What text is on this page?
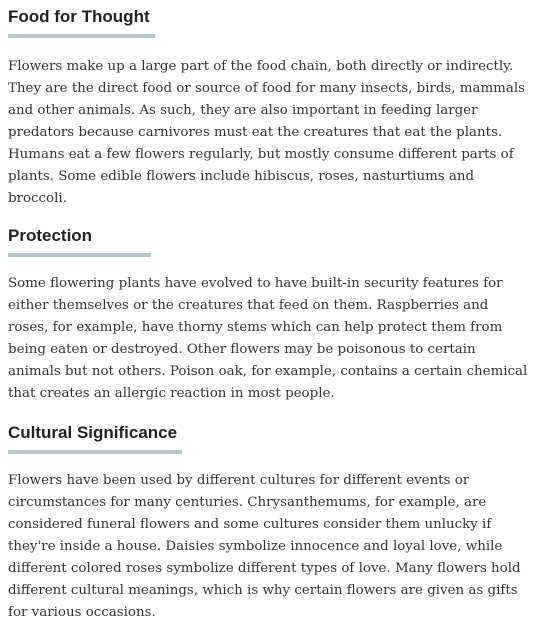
Food for Thought

Flowers make up a large part of the food chain, both directly or indirectly. They are the direct food or source of food for many insects, birds, mammals and other animals. As such, they are also important in feeding larger predators because carnivores must eat the creatures that eat the plants. Humans eat a few flowers regularly, but mostly consume different parts of plants. Some edible flowers include hibiscus, roses, nasturtiums and broccoli.

Protection

Some flowering plants have evolved to have built-in security features for either themselves or the creatures that feed on them. Raspberries and roses, for example, have thorny stems which can help protect them from being eaten or destroyed. Other flowers may be poisonous to certain animals but not others. Poison oak, for example, contains a certain chemical that creates an allergic reaction in most people.

Cultural Significance

Flowers have been used by different cultures for different events or circumstances for many centuries. Chrysanthemums, for example, are considered funeral flowers and some cultures consider them unlucky if they're inside a house. Daisies symbolize innocence and loyal love, while different colored roses symbolize different types of love. Many flowers hold different cultural meanings, which is why certain flowers are given as gifts for various occasions.
